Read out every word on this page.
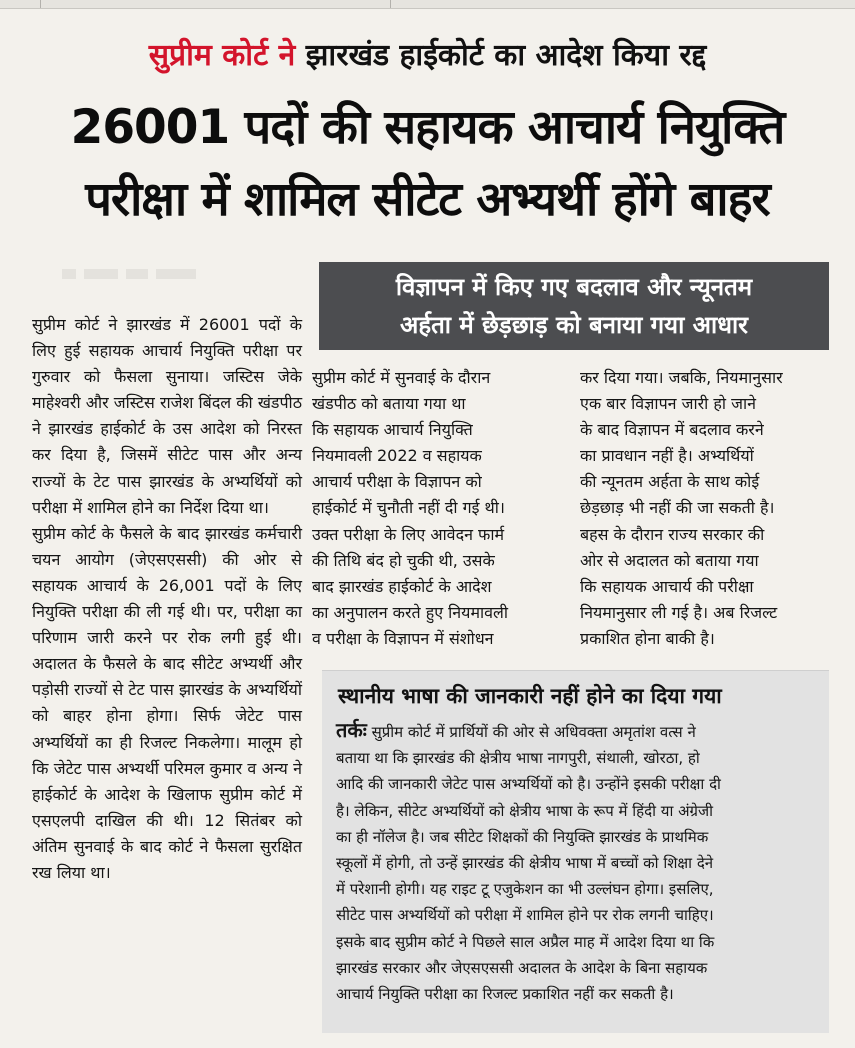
सुप्रीम कोर्ट ने झारखंड हाईकोर्ट का आदेश किया रद्द
26001 पदों की सहायक आचार्य नियुक्ति
परीक्षा में शामिल सीटेट अभ्यर्थी होंगे बाहर
विज्ञापन में किए गए बदलाव और न्यूनतम
अर्हता में छेड़छाड़ को बनाया गया आधार
सुप्रीम कोर्ट ने झारखंड में 26001 पदों के लिए हुई सहायक आचार्य नियुक्ति परीक्षा पर गुरुवार को फैसला सुनाया। जस्टिस जेके माहेश्वरी और जस्टिस राजेश बिंदल की खंडपीठ ने झारखंड हाईकोर्ट के उस आदेश को निरस्त कर दिया है, जिसमें सीटेट पास और अन्य राज्यों के टेट पास झारखंड के अभ्यर्थियों को परीक्षा में शामिल होने का निर्देश दिया था।
सुप्रीम कोर्ट के फैसले के बाद झारखंड कर्मचारी चयन आयोग (जेएसएससी) की ओर से सहायक आचार्य के 26,001 पदों के लिए नियुक्ति परीक्षा की ली गई थी। पर, परीक्षा का परिणाम जारी करने पर रोक लगी हुई थी। अदालत के फैसले के बाद सीटेट अभ्यर्थी और पड़ोसी राज्यों से टेट पास झारखंड के अभ्यर्थियों को बाहर होना होगा। सिर्फ जेटेट पास अभ्यर्थियों का ही रिजल्ट निकलेगा। मालूम हो कि जेटेट पास अभ्यर्थी परिमल कुमार व अन्य ने हाईकोर्ट के आदेश के खिलाफ सुप्रीम कोर्ट में एसएलपी दाखिल की थी। 12 सितंबर को अंतिम सुनवाई के बाद कोर्ट ने फैसला सुरक्षित रख लिया था।
सुप्रीम कोर्ट में सुनवाई के दौरान
खंडपीठ को बताया गया था
कि सहायक आचार्य नियुक्ति
नियमावली 2022 व सहायक
आचार्य परीक्षा के विज्ञापन को
हाईकोर्ट में चुनौती नहीं दी गई थी।
उक्त परीक्षा के लिए आवेदन फार्म
की तिथि बंद हो चुकी थी, उसके
बाद झारखंड हाईकोर्ट के आदेश
का अनुपालन करते हुए नियमावली
व परीक्षा के विज्ञापन में संशोधन
कर दिया गया। जबकि, नियमानुसार
एक बार विज्ञापन जारी हो जाने
के बाद विज्ञापन में बदलाव करने
का प्रावधान नहीं है। अभ्यर्थियों
की न्यूनतम अर्हता के साथ कोई
छेड़छाड़ भी नहीं की जा सकती है।
बहस के दौरान राज्य सरकार की
ओर से अदालत को बताया गया
कि सहायक आचार्य की परीक्षा
नियमानुसार ली गई है। अब रिजल्ट
प्रकाशित होना बाकी है।
स्थानीय भाषा की जानकारी नहीं होने का दिया गया
तर्कः सुप्रीम कोर्ट में प्रार्थियों की ओर से अधिवक्ता अमृतांश वत्स ने
बताया था कि झारखंड की क्षेत्रीय भाषा नागपुरी, संथाली, खोरठा, हो
आदि की जानकारी जेटेट पास अभ्यर्थियों को है। उन्होंने इसकी परीक्षा दी
है। लेकिन, सीटेट अभ्यर्थियों को क्षेत्रीय भाषा के रूप में हिंदी या अंग्रेजी
का ही नॉलेज है। जब सीटेट शिक्षकों की नियुक्ति झारखंड के प्राथमिक
स्कूलों में होगी, तो उन्हें झारखंड की क्षेत्रीय भाषा में बच्चों को शिक्षा देने
में परेशानी होगी। यह राइट टू एजुकेशन का भी उल्लंघन होगा। इसलिए,
सीटेट पास अभ्यर्थियों को परीक्षा में शामिल होने पर रोक लगनी चाहिए।
इसके बाद सुप्रीम कोर्ट ने पिछले साल अप्रैल माह में आदेश दिया था कि
झारखंड सरकार और जेएसएससी अदालत के आदेश के बिना सहायक
आचार्य नियुक्ति परीक्षा का रिजल्ट प्रकाशित नहीं कर सकती है।
